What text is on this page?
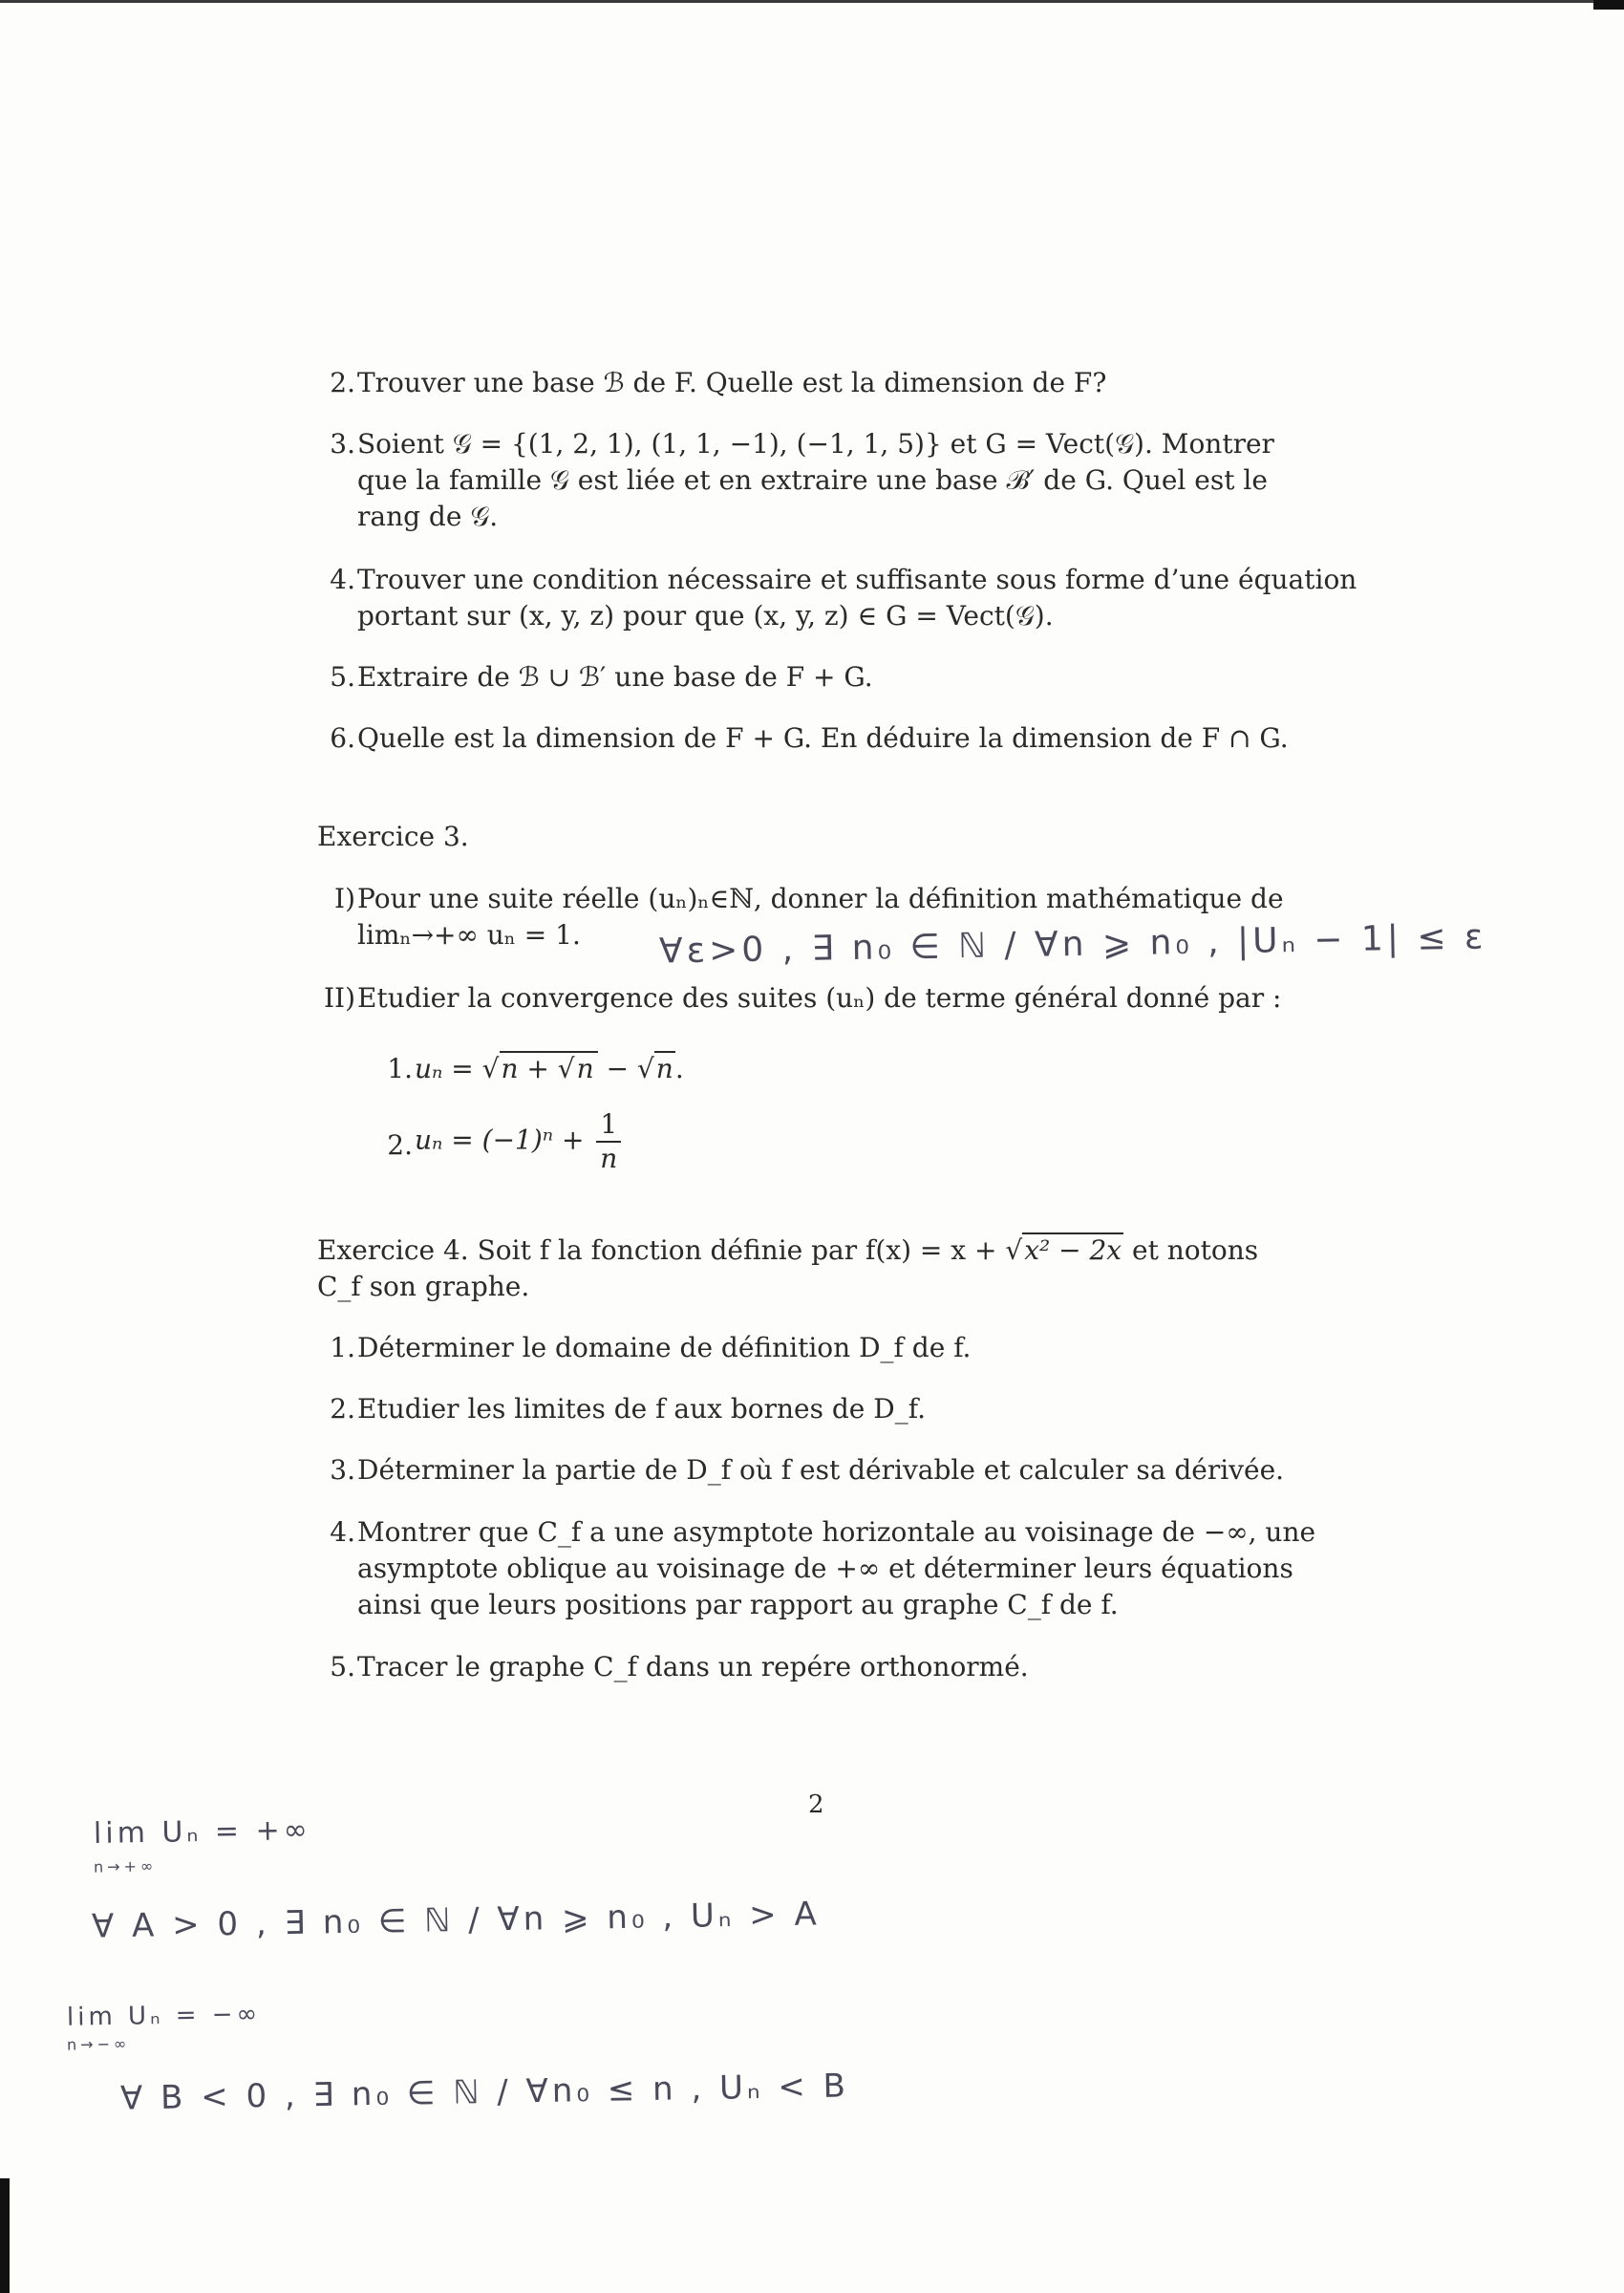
2. Trouver une base ℬ de F. Quelle est la dimension de F?
3. Soient 𝒢 = {(1, 2, 1), (1, 1, −1), (−1, 1, 5)} et G = Vect(𝒢). Montrer
que la famille 𝒢 est liée et en extraire une base ℬ′ de G. Quel est le
rang de 𝒢.
4. Trouver une condition nécessaire et suffisante sous forme d’une équation
portant sur (x, y, z) pour que (x, y, z) ∈ G = Vect(𝒢).
5. Extraire de ℬ ∪ ℬ′ une base de F + G.
6. Quelle est la dimension de F + G. En déduire la dimension de F ∩ G.
Exercice 3.
I) Pour une suite réelle (uₙ)ₙ∈ℕ, donner la définition mathématique de
limₙ→+∞ uₙ = 1.	∀ε>0 , ∃ n₀ ∈ ℕ / ∀n ⩾ n₀ , |Uₙ − 1| ≤ ε
II) Etudier la convergence des suites (uₙ) de terme général donné par :
1. uₙ = √n + √n − √n.
2. $u_n = (-1)^n + \frac{1}{n}$
Exercice 4. Soit f la fonction définie par f(x) = x + √x² − 2x et notons
C_f son graphe.
1. Déterminer le domaine de définition D_f de f.
2. Etudier les limites de f aux bornes de D_f.
3. Déterminer la partie de D_f où f est dérivable et calculer sa dérivée.
4. Montrer que C_f a une asymptote horizontale au voisinage de −∞, une
asymptote oblique au voisinage de +∞ et déterminer leurs équations
ainsi que leurs positions par rapport au graphe C_f de f.
5. Tracer le graphe C_f dans un repére orthonormé.
2
lim Uₙ = +∞
n→+∞
∀ A > 0 , ∃ n₀ ∈ ℕ / ∀n ⩾ n₀ , Uₙ > A
lim Uₙ = −∞
n→−∞
∀ B < 0 , ∃ n₀ ∈ ℕ / ∀n₀ ≤ n , Uₙ < B
